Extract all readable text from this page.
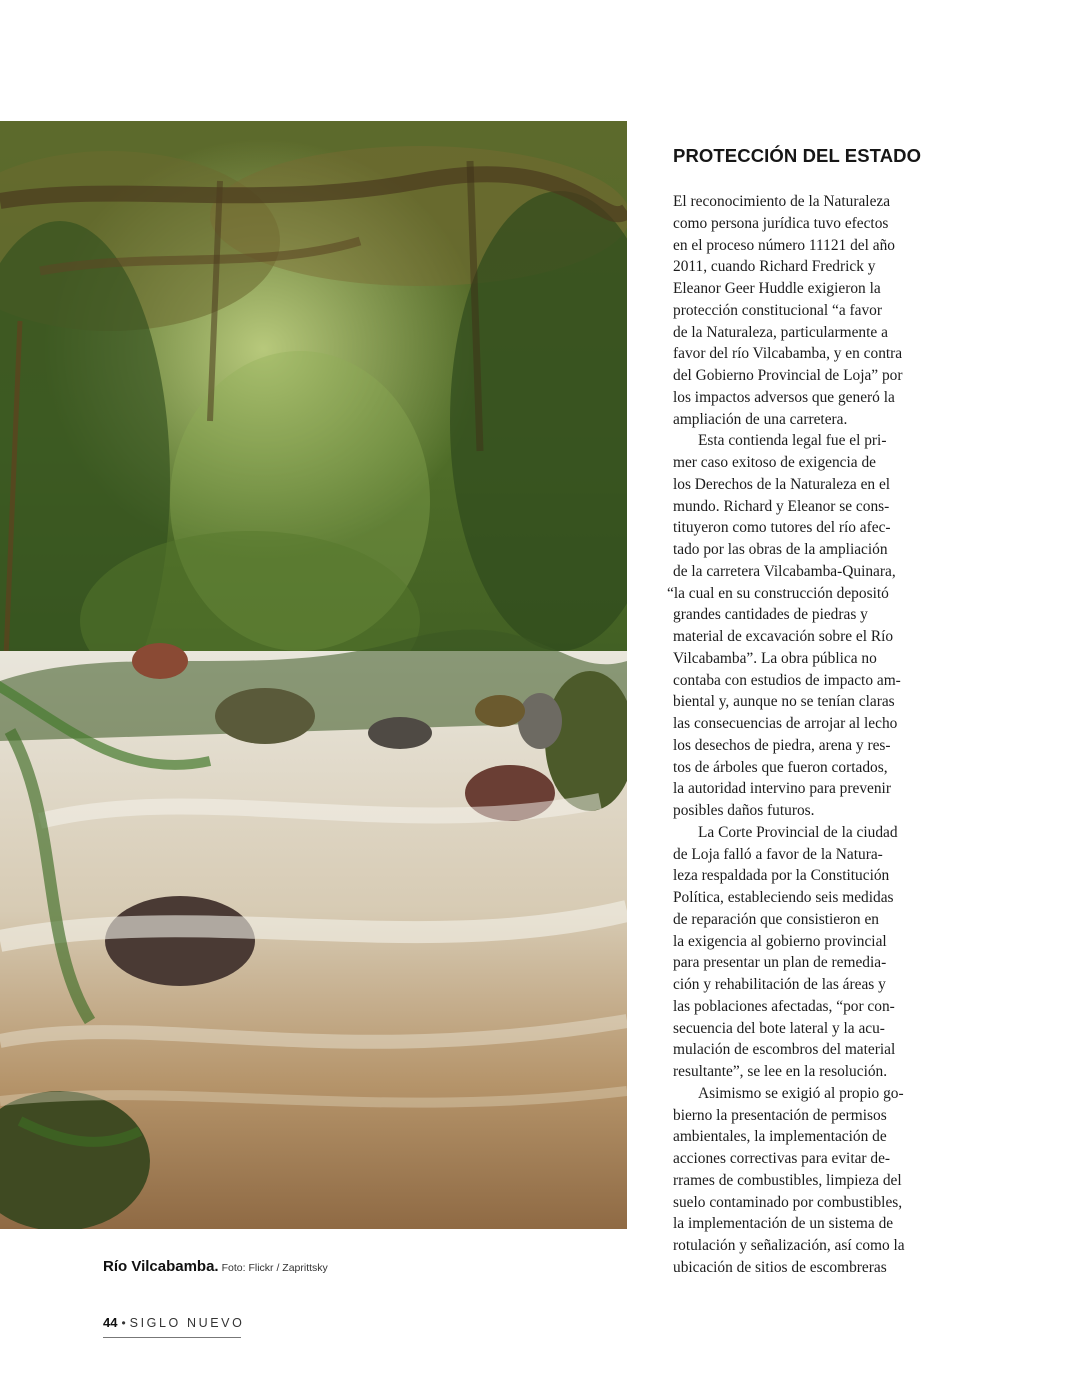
Río Vilcabamba. Foto: Flickr / Zaprittsky
PROTECCIÓN DEL ESTADO
El reconocimiento de la Naturaleza
como persona jurídica tuvo efectos
en el proceso número 11121 del año
2011, cuando Richard Fredrick y
Eleanor Geer Huddle exigieron la
protección constitucional “a favor
de la Naturaleza, particularmente a
favor del río Vilcabamba, y en contra
del Gobierno Provincial de Loja” por
los impactos adversos que generó la
ampliación de una carretera.
Esta contienda legal fue el pri-
mer caso exitoso de exigencia de
los Derechos de la Naturaleza en el
mundo. Richard y Eleanor se cons-
tituyeron como tutores del río afec-
tado por las obras de la ampliación
de la carretera Vilcabamba-Quinara,
“la cual en su construcción depositó
grandes cantidades de piedras y
material de excavación sobre el Río
Vilcabamba”. La obra pública no
contaba con estudios de impacto am-
biental y, aunque no se tenían claras
las consecuencias de arrojar al lecho
los desechos de piedra, arena y res-
tos de árboles que fueron cortados,
la autoridad intervino para prevenir
posibles daños futuros.
La Corte Provincial de la ciudad
de Loja falló a favor de la Natura-
leza respaldada por la Constitución
Política, estableciendo seis medidas
de reparación que consistieron en
la exigencia al gobierno provincial
para presentar un plan de remedia-
ción y rehabilitación de las áreas y
las poblaciones afectadas, “por con-
secuencia del bote lateral y la acu-
mulación de escombros del material
resultante”, se lee en la resolución.
Asimismo se exigió al propio go-
bierno la presentación de permisos
ambientales, la implementación de
acciones correctivas para evitar de-
rrames de combustibles, limpieza del
suelo contaminado por combustibles,
la implementación de un sistema de
rotulación y señalización, así como la
ubicación de sitios de escombreras
44 • SIGLO NUEVO
